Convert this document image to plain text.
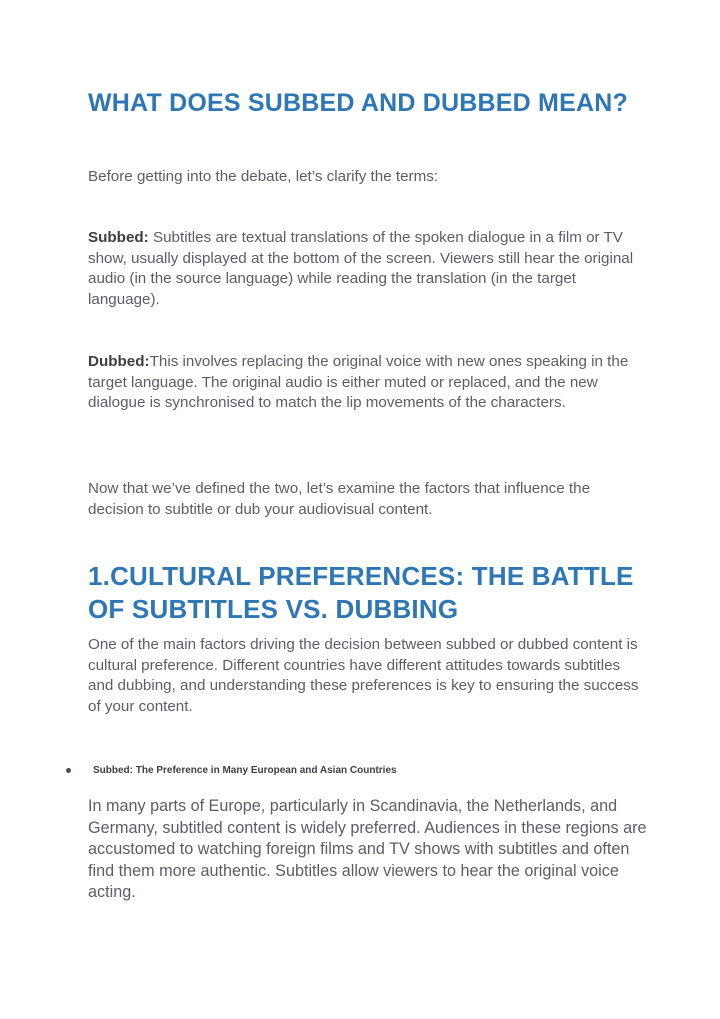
WHAT DOES SUBBED AND DUBBED MEAN?

Before getting into the debate, let’s clarify the terms:

Subbed: Subtitles are textual translations of the spoken dialogue in a film or TV show, usually displayed at the bottom of the screen. Viewers still hear the original audio (in the source language) while reading the translation (in the target language).

Dubbed:This involves replacing the original voice with new ones speaking in the target language. The original audio is either muted or replaced, and the new dialogue is synchronised to match the lip movements of the characters.

Now that we’ve defined the two, let’s examine the factors that influence the decision to subtitle or dub your audiovisual content.

1.CULTURAL PREFERENCES: THE BATTLE OF SUBTITLES VS. DUBBING

One of the main factors driving the decision between subbed or dubbed content is cultural preference. Different countries have different attitudes towards subtitles and dubbing, and understanding these preferences is key to ensuring the success of your content.

Subbed: The Preference in Many European and Asian Countries

In many parts of Europe, particularly in Scandinavia, the Netherlands, and Germany, subtitled content is widely preferred. Audiences in these regions are accustomed to watching foreign films and TV shows with subtitles and often find them more authentic. Subtitles allow viewers to hear the original voice acting.
